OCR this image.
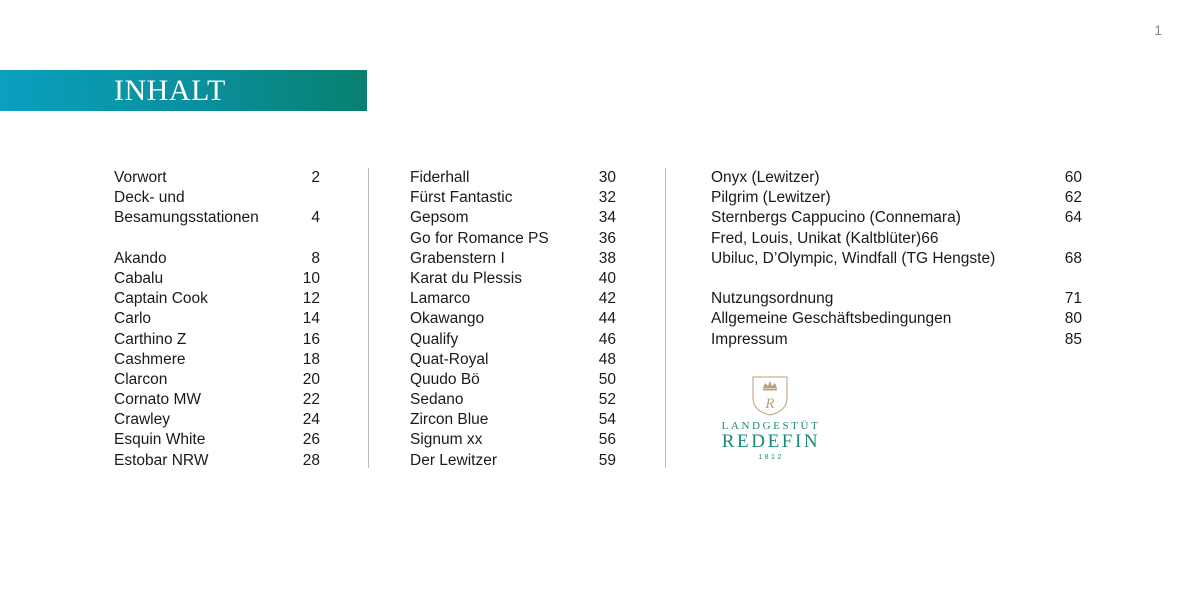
1
INHALT
Vorwort	2
Deck- und
Besamungsstationen	4
Akando	8
Cabalu	10
Captain Cook	12
Carlo	14
Carthino Z	16
Cashmere	18
Clarcon	20
Cornato MW	22
Crawley	24
Esquin White	26
Estobar NRW	28
Fiderhall	30
Fürst Fantastic	32
Gepsom	34
Go for Romance PS	36
Grabenstern I	38
Karat du Plessis	40
Lamarco	42
Okawango	44
Qualify	46
Quat-Royal	48
Quudo Bö	50
Sedano	52
Zircon Blue	54
Signum xx	56
Der Lewitzer	59
Onyx (Lewitzer)	60
Pilgrim (Lewitzer)	62
Sternbergs Cappucino (Connemara)	64
Fred, Louis, Unikat (Kaltblüter)66
Ubiluc, D’Olympic, Windfall (TG Hengste)	68
Nutzungsordnung	71
Allgemeine Geschäftsbedingungen	80
Impressum	85
R
LANDGESTÜT
REDEFIN
1812
